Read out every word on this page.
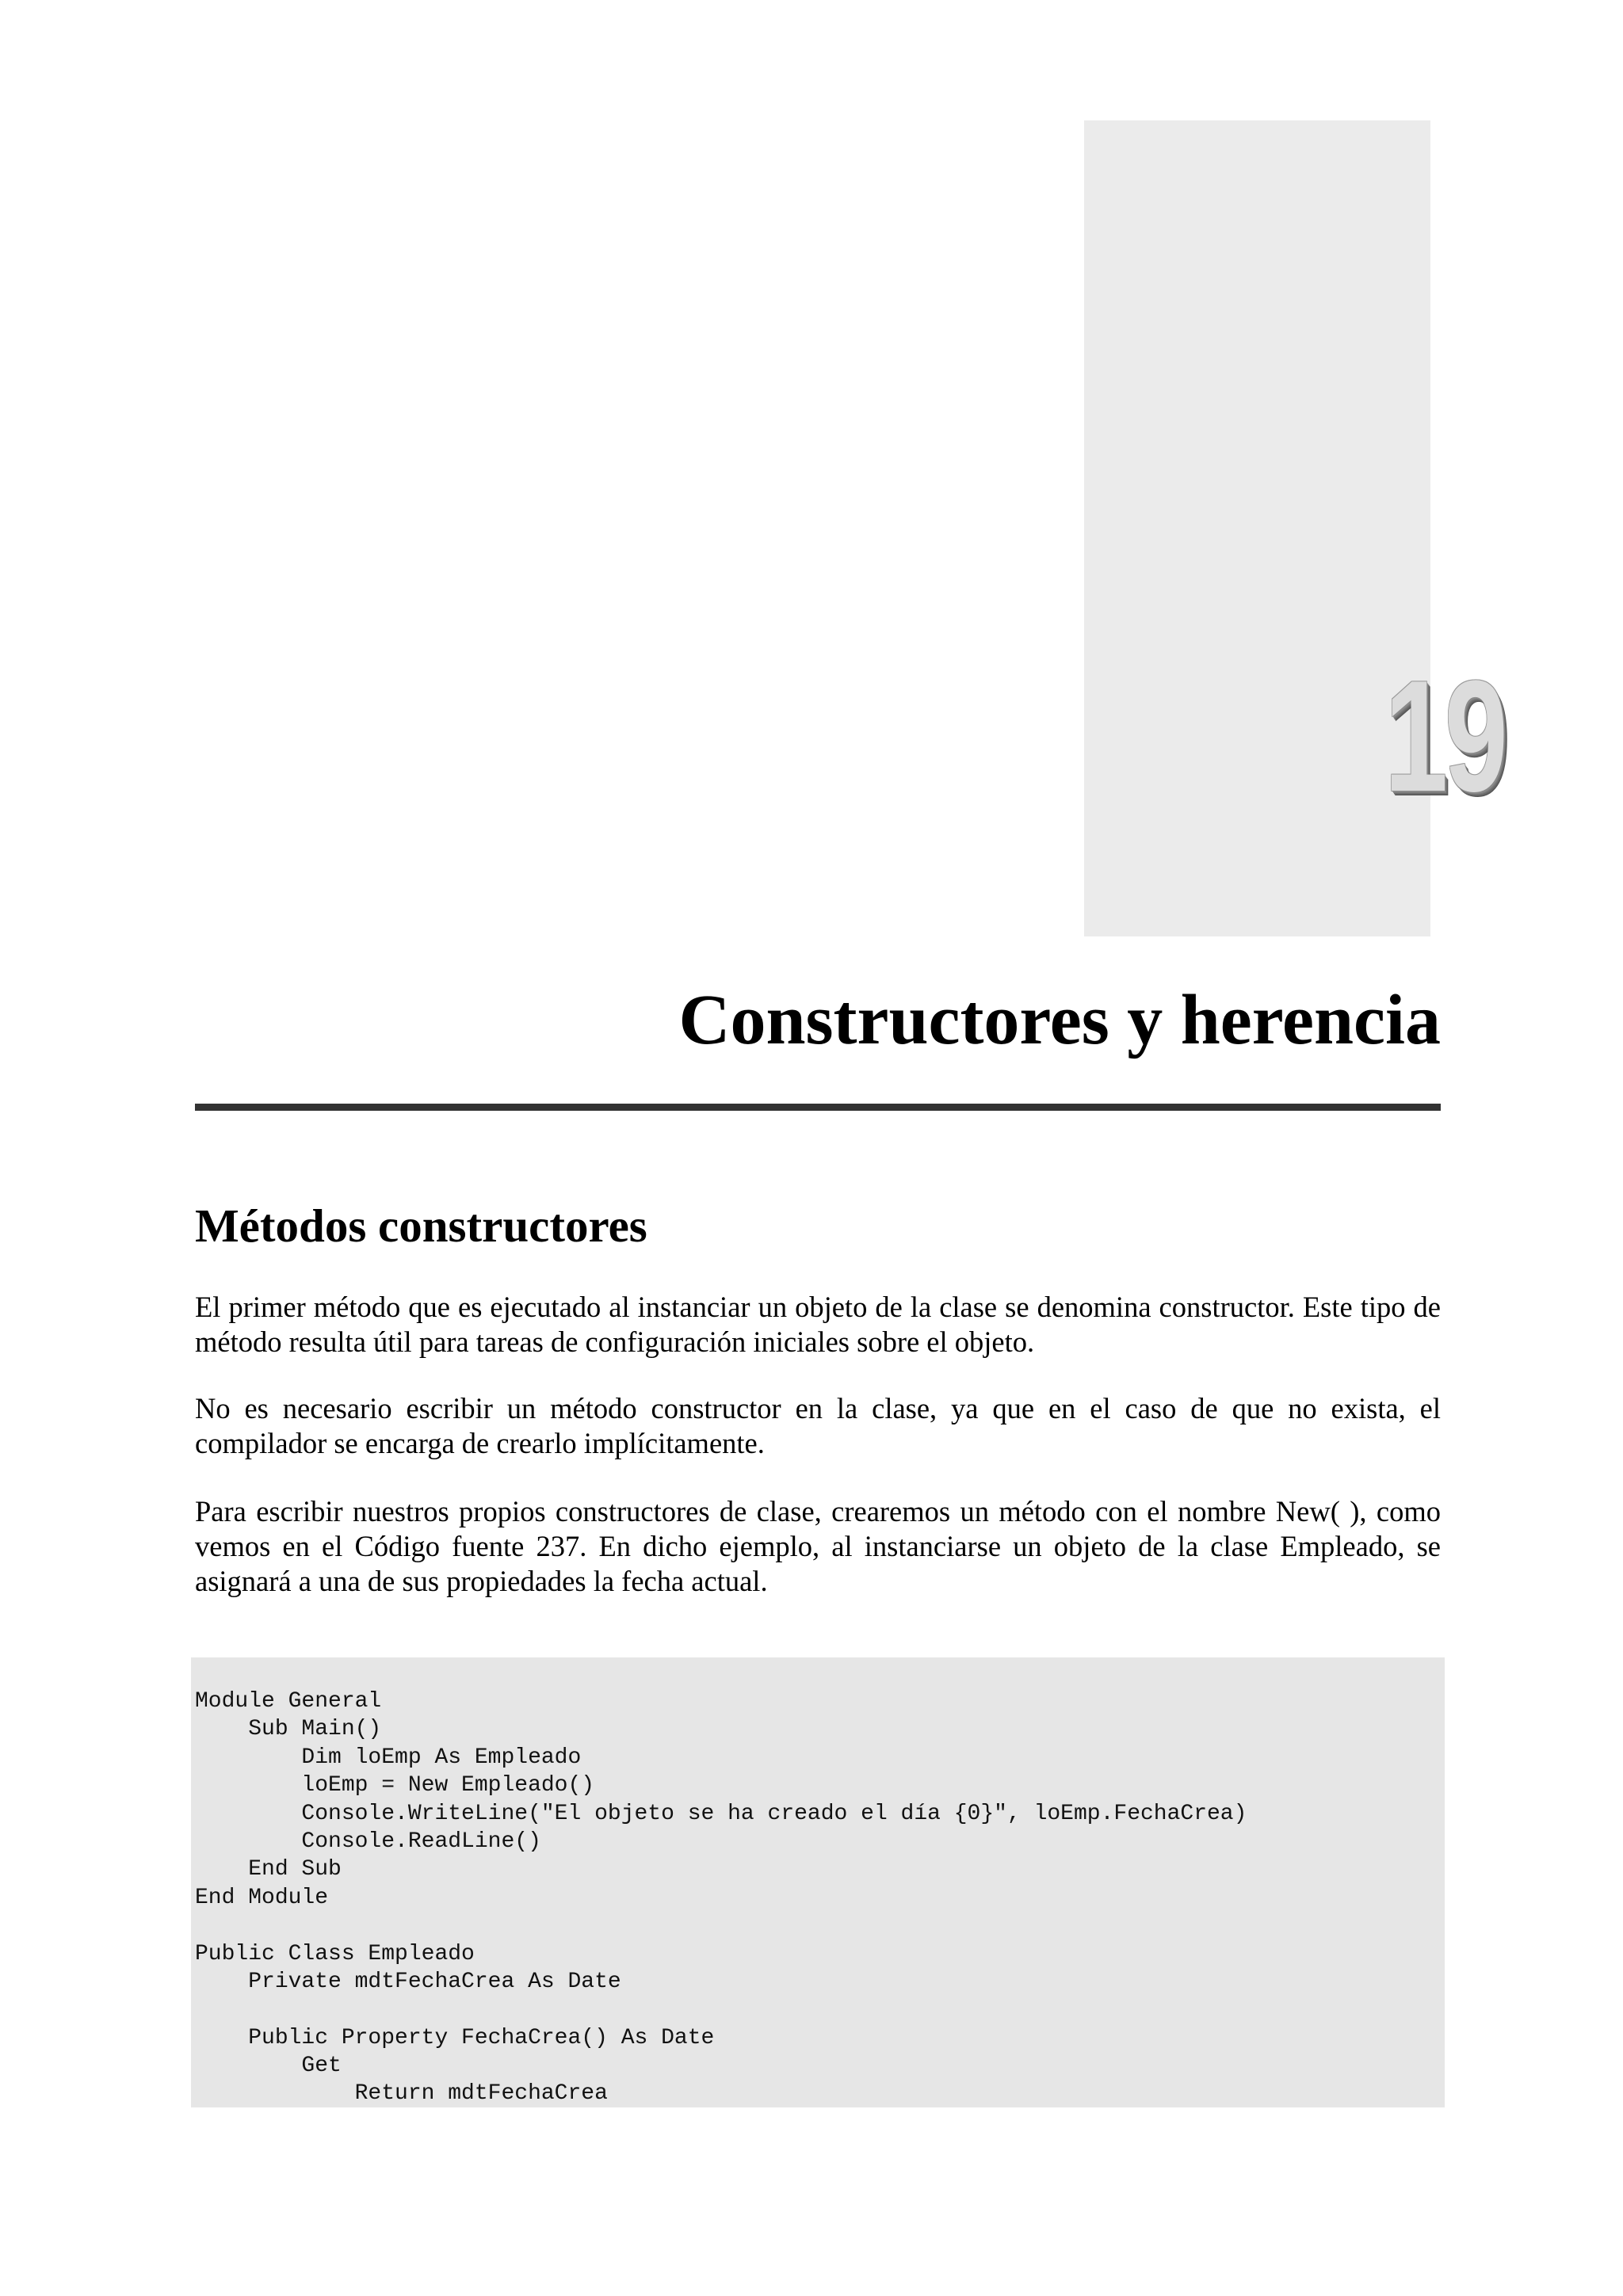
19
Constructores y herencia
Métodos constructores

El primer método que es ejecutado al instanciar un objeto de la clase se denomina constructor. Este tipo de método resulta útil para tareas de configuración iniciales sobre el objeto.

No es necesario escribir un método constructor en la clase, ya que en el caso de que no exista, el compilador se encarga de crearlo implícitamente.

Para escribir nuestros propios constructores de clase, crearemos un método con el nombre New( ), como vemos en el Código fuente 237. En dicho ejemplo, al instanciarse un objeto de la clase Empleado, se asignará a una de sus propiedades la fecha actual.

Module General
Sub Main()
Dim loEmp As Empleado
loEmp = New Empleado()
Console.WriteLine("El objeto se ha creado el día {0}", loEmp.FechaCrea)
Console.ReadLine()
End Sub
End Module
Public Class Empleado
Private mdtFechaCrea As Date
Public Property FechaCrea() As Date
Get
Return mdtFechaCrea
